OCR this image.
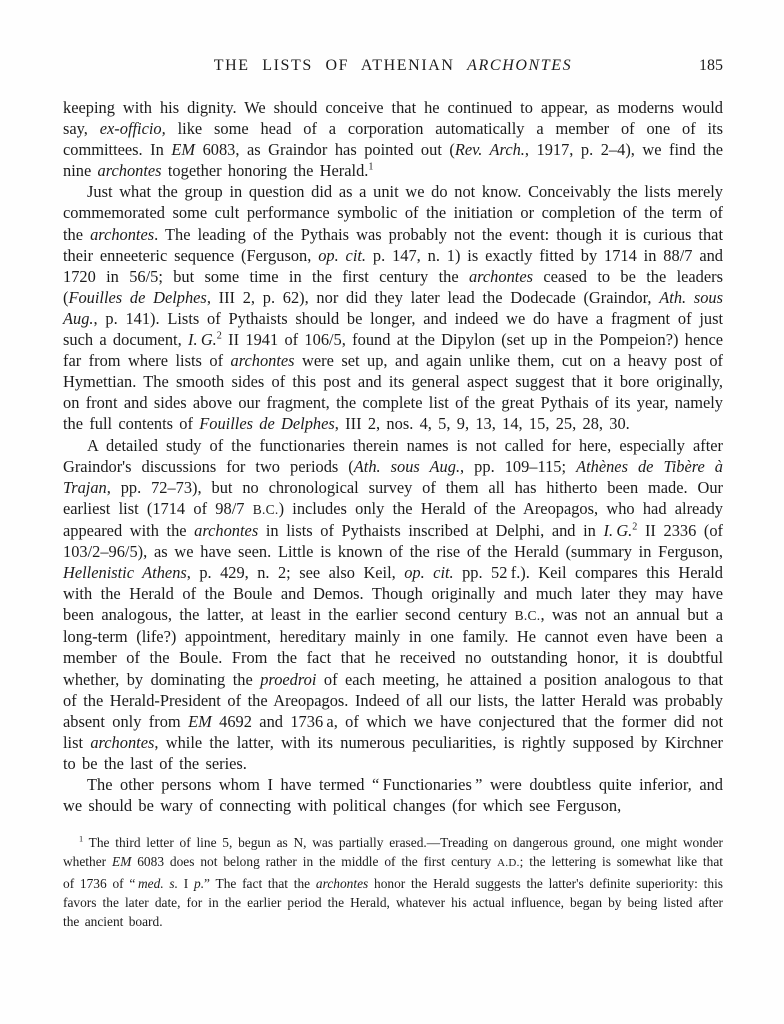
THE LISTS OF ATHENIAN ARCHONTES	185

keeping with his dignity. We should conceive that he continued to appear, as moderns would say, ex-officio, like some head of a corporation automatically a member of one of its committees. In EM 6083, as Graindor has pointed out (Rev. Arch., 1917, p. 2–4), we find the nine archontes together honoring the Herald.$^1$

Just what the group in question did as a unit we do not know. Conceivably the lists merely commemorated some cult performance symbolic of the initiation or completion of the term of the archontes. The leading of the Pythais was probably not the event: though it is curious that their enneeteric sequence (Ferguson, op. cit. p. 147, n. 1) is exactly fitted by 1714 in 88/7 and 1720 in 56/5; but some time in the first century the archontes ceased to be the leaders (Fouilles de Delphes, III 2, p. 62), nor did they later lead the Dodecade (Graindor, Ath. sous Aug., p. 141). Lists of Pythaists should be longer, and indeed we do have a fragment of just such a document, I. G.$^2$ II 1941 of 106/5, found at the Dipylon (set up in the Pompeion?) hence far from where lists of archontes were set up, and again unlike them, cut on a heavy post of Hymettian. The smooth sides of this post and its general aspect suggest that it bore originally, on front and sides above our fragment, the complete list of the great Pythais of its year, namely the full contents of Fouilles de Delphes, III 2, nos. 4, 5, 9, 13, 14, 15, 25, 28, 30.

A detailed study of the functionaries therein names is not called for here, especially after Graindor's discussions for two periods (Ath. sous Aug., pp. 109–115; Athènes de Tibère à Trajan, pp. 72–73), but no chronological survey of them all has hitherto been made. Our earliest list (1714 of 98/7 B.C.) includes only the Herald of the Areopagos, who had already appeared with the archontes in lists of Pythaists inscribed at Delphi, and in I. G.$^2$ II 2336 (of 103/2–96/5), as we have seen. Little is known of the rise of the Herald (summary in Ferguson, Hellenistic Athens, p. 429, n. 2; see also Keil, op. cit. pp. 52 f.). Keil compares this Herald with the Herald of the Boule and Demos. Though originally and much later they may have been analogous, the latter, at least in the earlier second century B.C., was not an annual but a long-term (life?) appointment, hereditary mainly in one family. He cannot even have been a member of the Boule. From the fact that he received no outstanding honor, it is doubtful whether, by dominating the proedroi of each meeting, he attained a position analogous to that of the Herald-President of the Areopagos. Indeed of all our lists, the latter Herald was probably absent only from EM 4692 and 1736 a, of which we have conjectured that the former did not list archontes, while the latter, with its numerous peculiarities, is rightly supposed by Kirchner to be the last of the series.

The other persons whom I have termed “ Functionaries ” were doubtless quite inferior, and we should be wary of connecting with political changes (for which see Ferguson,

$^1$ The third letter of line 5, begun as N, was partially erased.—Treading on dangerous ground, one might wonder whether EM 6083 does not belong rather in the middle of the first century A.D.; the lettering is somewhat like that of 1736 of “ med. s. I p.” The fact that the archontes honor the Herald suggests the latter's definite superiority: this favors the later date, for in the earlier period the Herald, whatever his actual influence, began by being listed after the ancient board.
